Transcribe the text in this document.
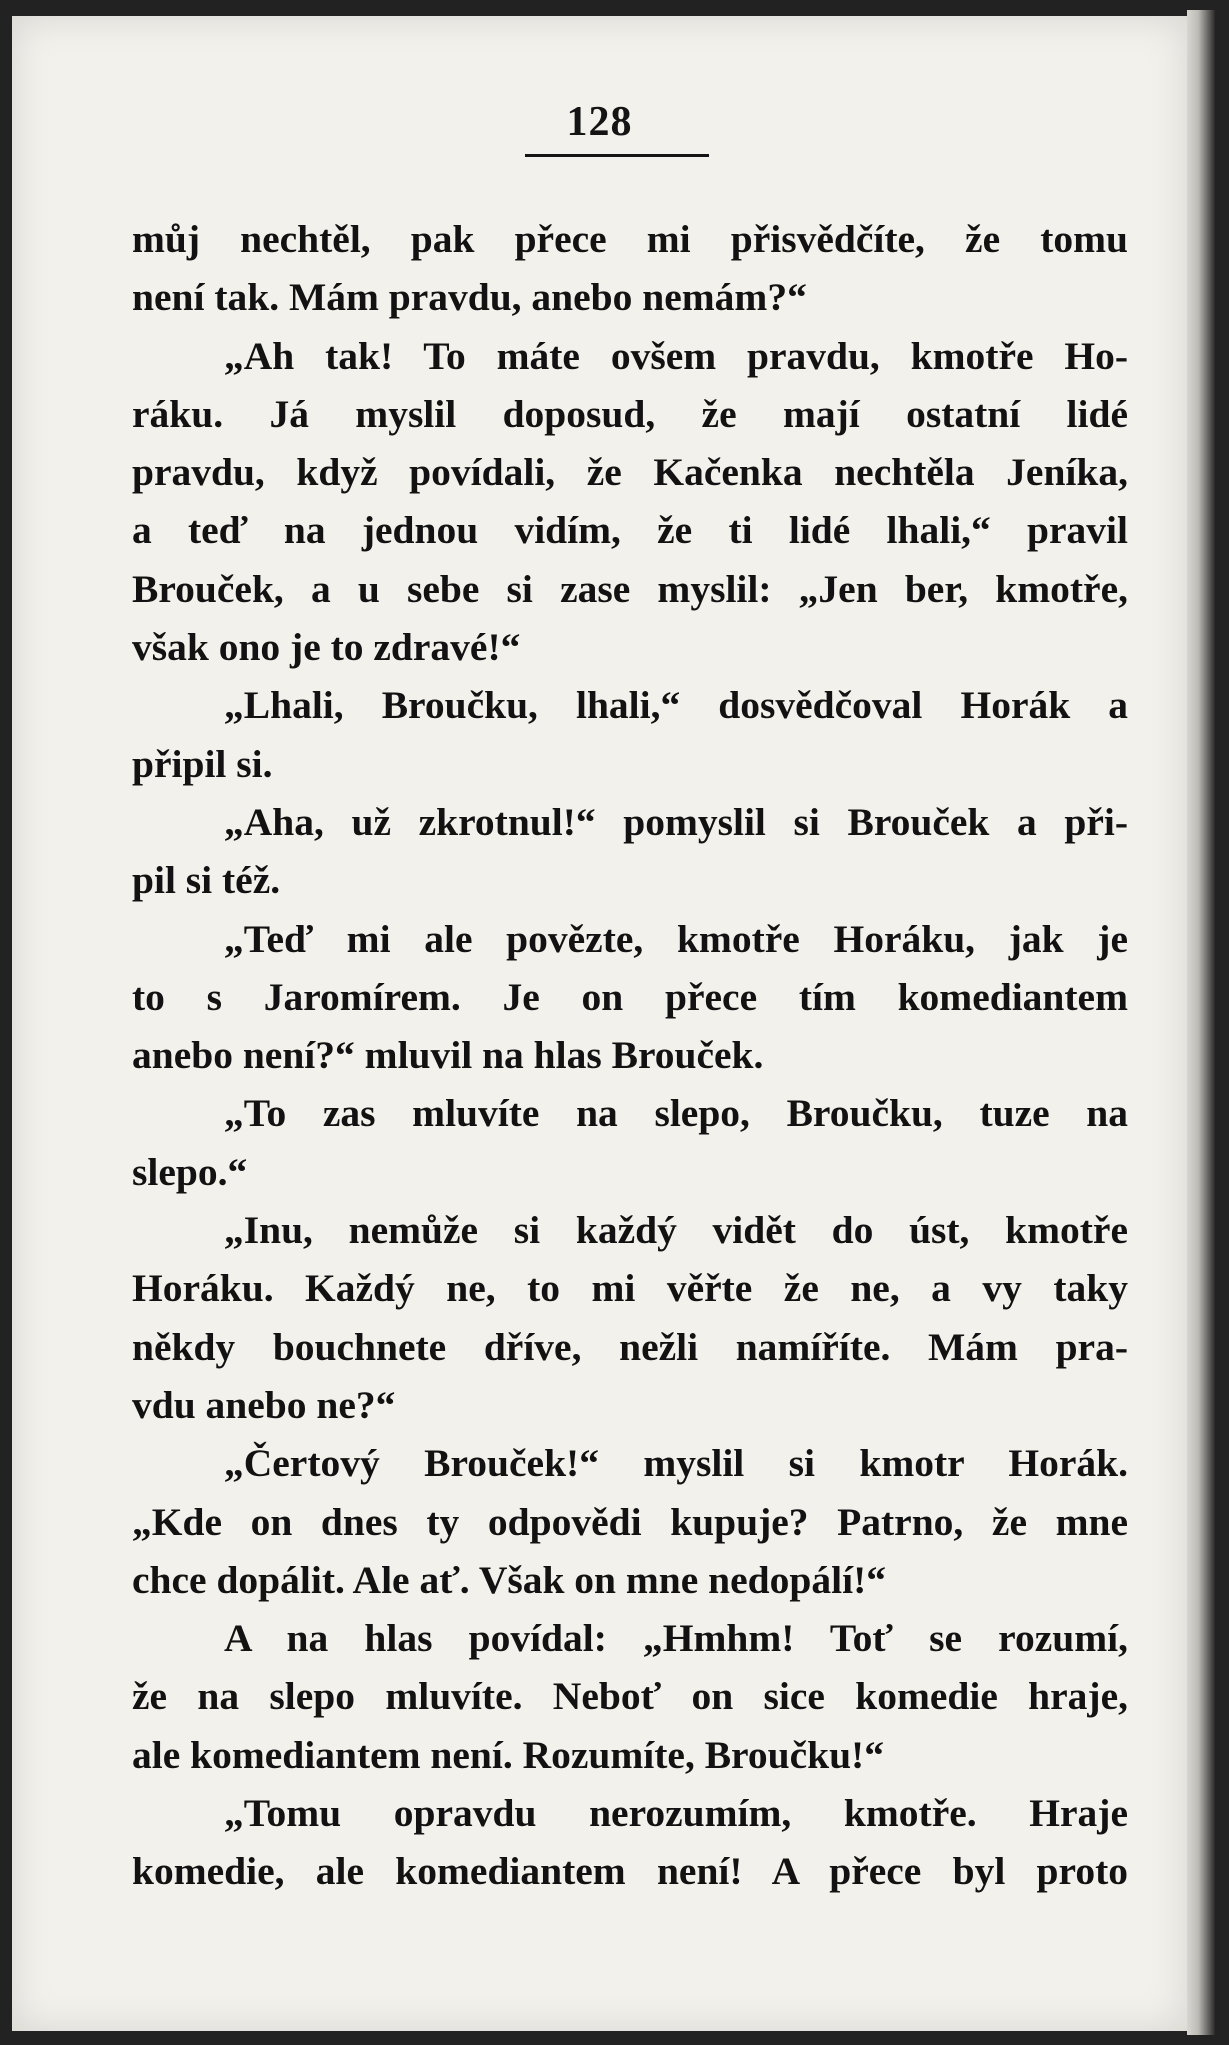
128
můj nechtěl, pak přece mi přisvědčíte, že tomu
není tak. Mám pravdu, anebo nemám?“
„Ah tak! To máte ovšem pravdu, kmotře Ho-
ráku. Já myslil doposud, že mají ostatní lidé
pravdu, když povídali, že Kačenka nechtěla Jeníka,
a teď na jednou vidím, že ti lidé lhali,“ pravil
Brouček, a u sebe si zase myslil: „Jen ber, kmotře,
však ono je to zdravé!“
„Lhali, Broučku, lhali,“ dosvědčoval Horák a
připil si.
„Aha, už zkrotnul!“ pomyslil si Brouček a při-
pil si též.
„Teď mi ale povězte, kmotře Horáku, jak je
to s Jaromírem. Je on přece tím komediantem
anebo není?“ mluvil na hlas Brouček.
„To zas mluvíte na slepo, Broučku, tuze na
slepo.“
„Inu, nemůže si každý vidět do úst, kmotře
Horáku. Každý ne, to mi věřte že ne, a vy taky
někdy bouchnete dříve, nežli namíříte. Mám pra-
vdu anebo ne?“
„Čertový Brouček!“ myslil si kmotr Horák.
„Kde on dnes ty odpovědi kupuje? Patrno, že mne
chce dopálit. Ale ať. Však on mne nedopálí!“
A na hlas povídal: „Hmhm! Toť se rozumí,
že na slepo mluvíte. Neboť on sice komedie hraje,
ale komediantem není. Rozumíte, Broučku!“
„Tomu opravdu nerozumím, kmotře. Hraje
komedie, ale komediantem není! A přece byl proto
